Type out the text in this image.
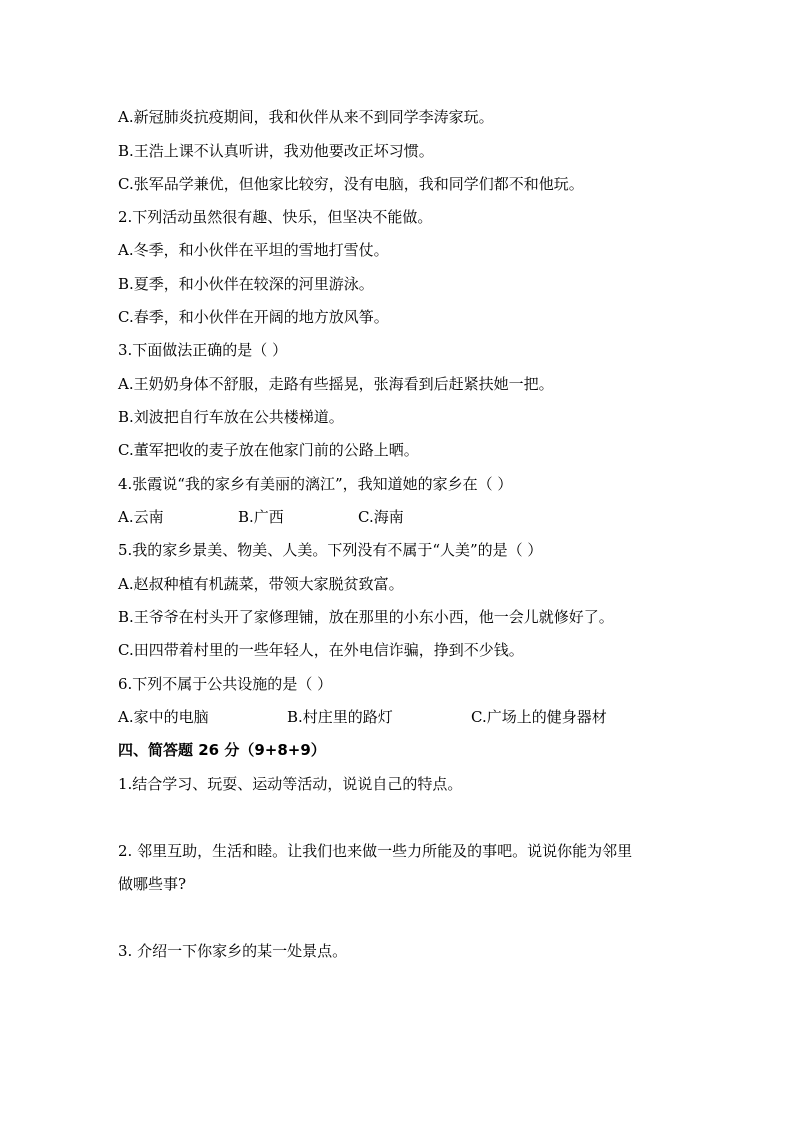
A.新冠肺炎抗疫期间，我和伙伴从来不到同学李涛家玩。
B.王浩上课不认真听讲，我劝他要改正坏习惯。
C.张军品学兼优，但他家比较穷，没有电脑，我和同学们都不和他玩。
2.下列活动虽然很有趣、快乐，但坚决不能做。
A.冬季，和小伙伴在平坦的雪地打雪仗。
B.夏季，和小伙伴在较深的河里游泳。
C.春季，和小伙伴在开阔的地方放风筝。
3.下面做法正确的是（ ）
A.王奶奶身体不舒服，走路有些摇晃，张海看到后赶紧扶她一把。
B.刘波把自行车放在公共楼梯道。
C.董军把收的麦子放在他家门前的公路上晒。
4.张霞说“我的家乡有美丽的漓江”，我知道她的家乡在（ ）
A.云南	B.广西	C.海南
5.我的家乡景美、物美、人美。下列没有不属于“人美”的是（ ）
A.赵叔种植有机蔬菜，带领大家脱贫致富。
B.王爷爷在村头开了家修理铺，放在那里的小东小西，他一会儿就修好了。
C.田四带着村里的一些年轻人，在外电信诈骗，挣到不少钱。
6.下列不属于公共设施的是（ ）
A.家中的电脑	B.村庄里的路灯	C.广场上的健身器材
四、简答题 26 分（9+8+9）
1.结合学习、玩耍、运动等活动，说说自己的特点。
2. 邻里互助，生活和睦。让我们也来做一些力所能及的事吧。说说你能为邻里
做哪些事?
3. 介绍一下你家乡的某一处景点。
